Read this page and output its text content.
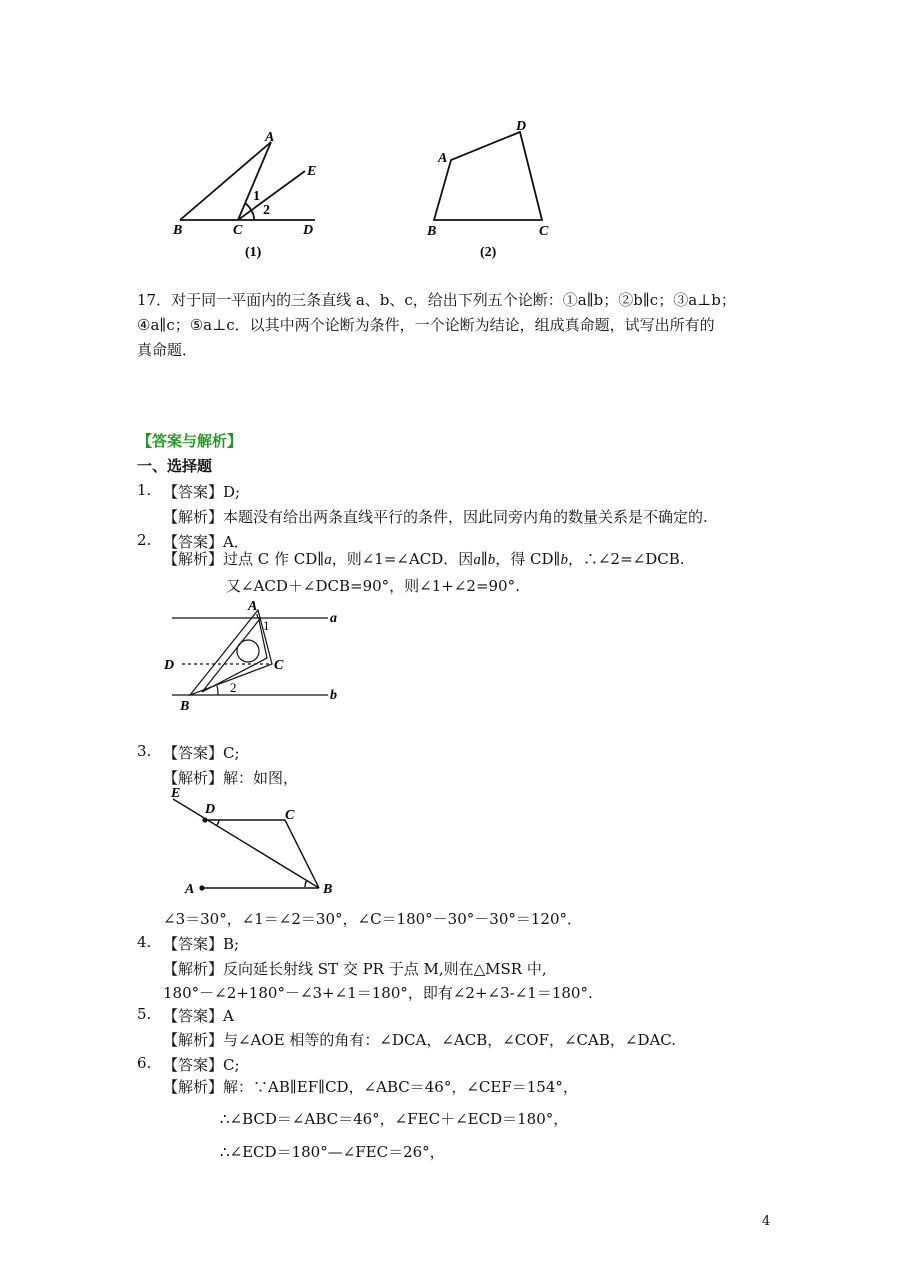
A
E
B	C	D
1
2
(1)
A
D
B	C
(2)
17．对于同一平面内的三条直线 a、b、c，给出下列五个论断：①a∥b；②b∥c；③a⊥b；
④a∥c；⑤a⊥c．以其中两个论断为条件，一个论断为结论，组成真命题，试写出所有的
真命题．
【答案与解析】
一、选择题
1. 【答案】D;
【解析】本题没有给出两条直线平行的条件，因此同旁内角的数量关系是不确定的.
2. 【答案】A．
【解析】过点 C 作 CD∥a，则∠1=∠ACD．因a∥b，得 CD∥b，∴∠2=∠DCB.
又∠ACD＋∠DCB=90°，则∠1+∠2=90°.
A
a
D	C
B
b
1
2
3. 【答案】C;
【解析】解：如图，
E
D	C
A	B
∠3＝30°，∠1＝∠2＝30°，∠C＝180°－30°－30°＝120°．
4. 【答案】B;
【解析】反向延长射线 ST 交 PR 于点 M,则在△MSR 中,
180°－∠2+180°－∠3+∠1＝180°，即有∠2+∠3-∠1＝180°.
5. 【答案】A
【解析】与∠AOE 相等的角有：∠DCA，∠ACB，∠COF，∠CAB，∠DAC.
6. 【答案】C;
【解析】解：∵AB∥EF∥CD，∠ABC＝46°，∠CEF＝154°，
∴∠BCD＝∠ABC＝46°，∠FEC＋∠ECD＝180°，
∴∠ECD＝180°—∠FEC＝26°，
4
